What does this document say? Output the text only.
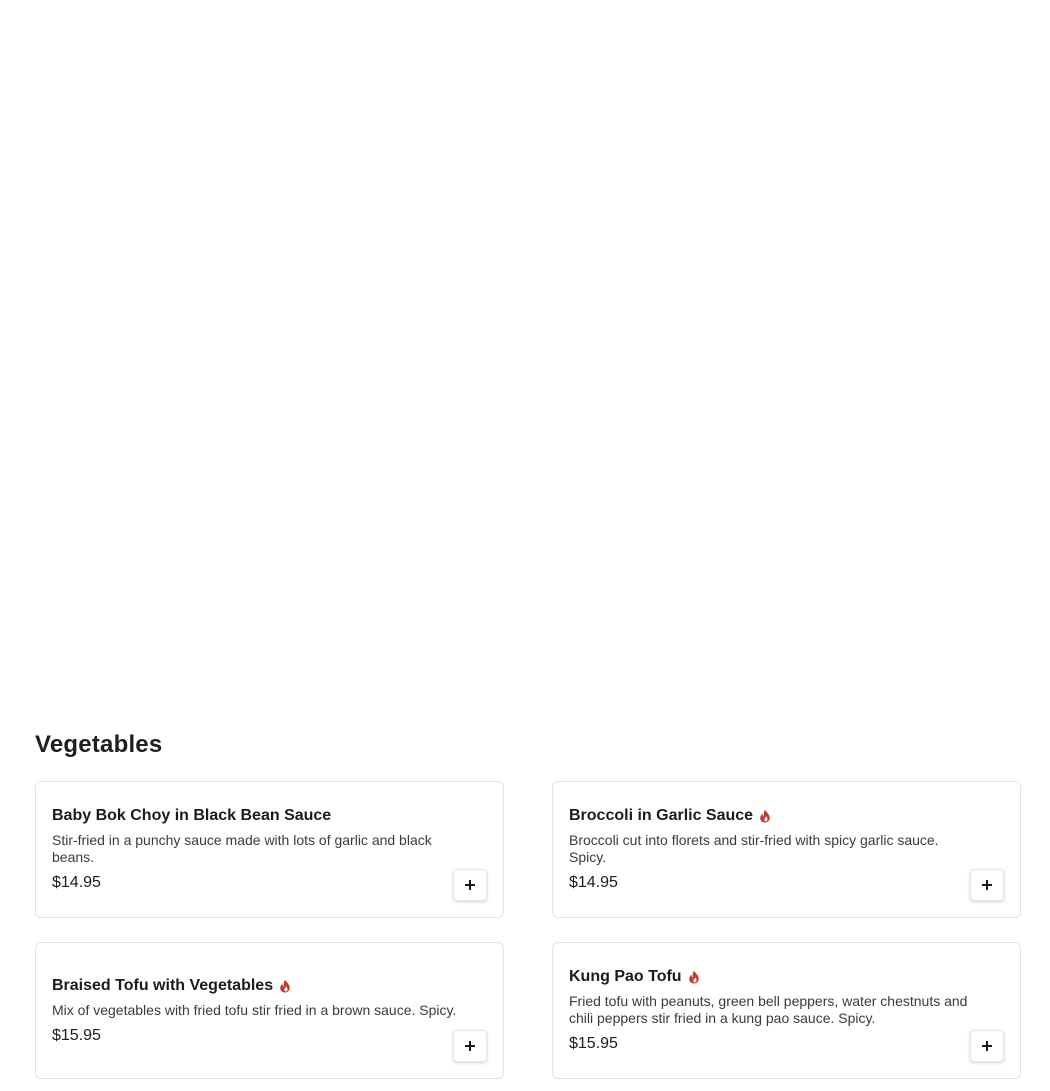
Vegetables
Baby Bok Choy in Black Bean Sauce
Stir-fried in a punchy sauce made with lots of garlic and black beans.
$14.95
Broccoli in Garlic Sauce
Broccoli cut into florets and stir-fried with spicy garlic sauce. Spicy.
$14.95
Braised Tofu with Vegetables
Mix of vegetables with fried tofu stir fried in a brown sauce. Spicy.
$15.95
Kung Pao Tofu
Fried tofu with peanuts, green bell peppers, water chestnuts and chili peppers stir fried in a kung pao sauce. Spicy.
$15.95
